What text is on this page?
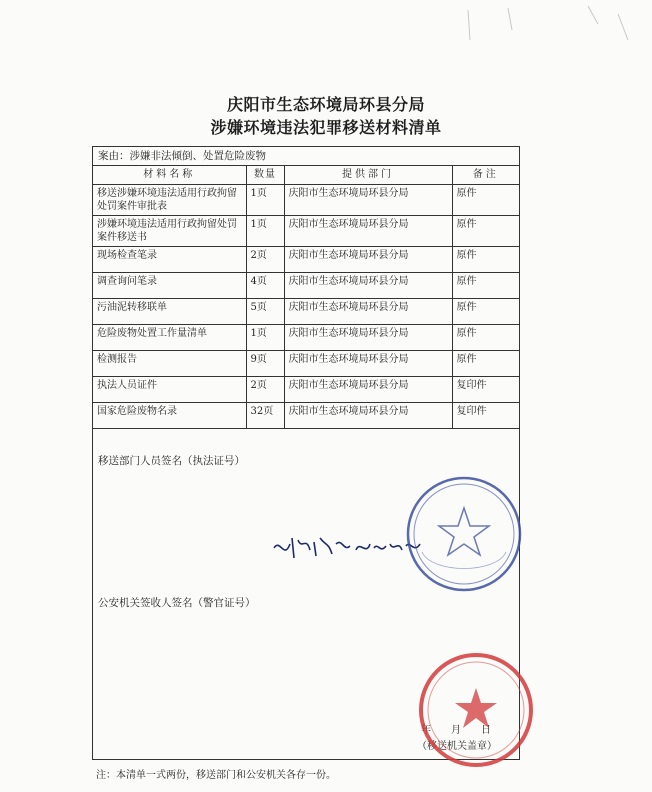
庆阳市生态环境局环县分局
涉嫌环境违法犯罪移送材料清单
案由：涉嫌非法倾倒、处置危险废物
材料名称	数量	提供部门	备注
移送涉嫌环境违法适用行政拘留处罚案件审批表	1页	庆阳市生态环境局环县分局	原件
涉嫌环境违法适用行政拘留处罚案件移送书	1页	庆阳市生态环境局环县分局	原件
现场检查笔录	2页	庆阳市生态环境局环县分局	原件
调查询问笔录	4页	庆阳市生态环境局环县分局	原件
污油泥转移联单	5页	庆阳市生态环境局环县分局	原件
危险废物处置工作量清单	1页	庆阳市生态环境局环县分局	原件
检测报告	9页	庆阳市生态环境局环县分局	原件
执法人员证件	2页	庆阳市生态环境局环县分局	复印件
国家危险废物名录	32页	庆阳市生态环境局环县分局	复印件
移送部门人员签名（执法证号）
公安机关签收人签名（警官证号）
年 月 日
（移送机关盖章）
注：本清单一式两份，移送部门和公安机关各存一份。
